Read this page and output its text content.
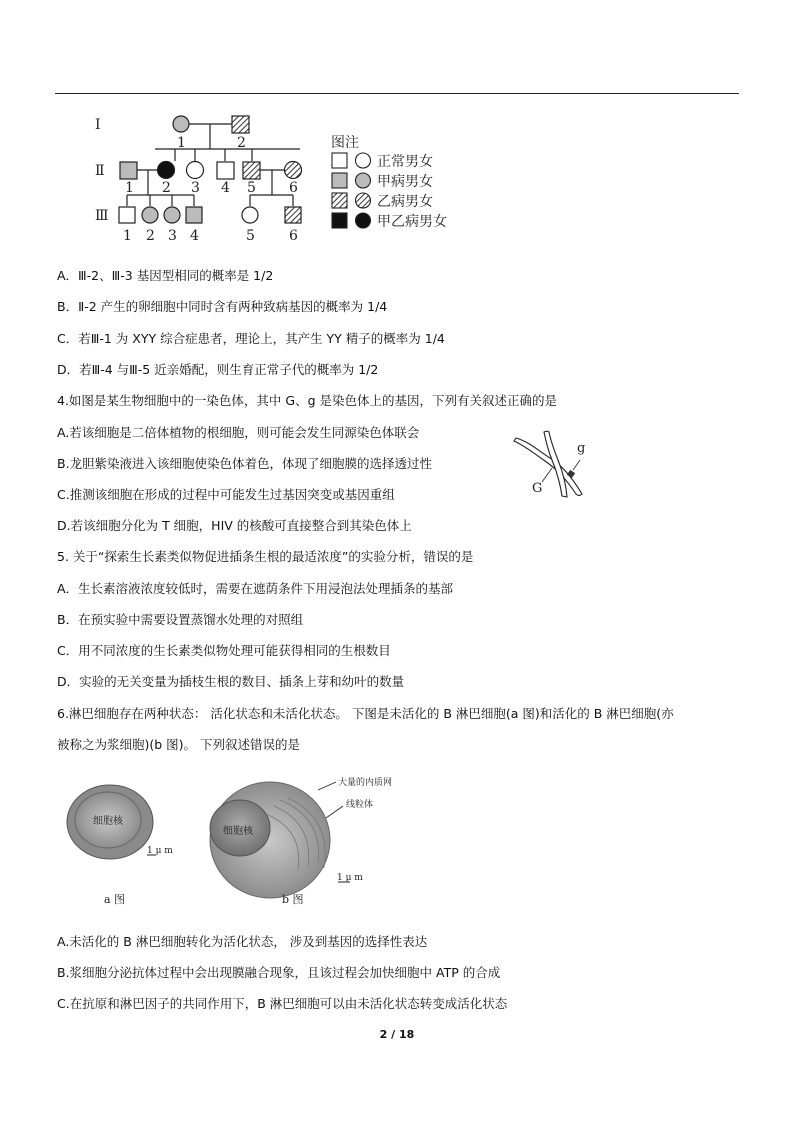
Ⅰ
Ⅱ
Ⅲ
1	2
1 2 3 4 5 6
1 2 3 4	5 6
图注
正常男女
甲病男女
乙病男女
甲乙病男女
A．Ⅲ-2、Ⅲ-3 基因型相同的概率是 1/2
B．Ⅱ-2 产生的卵细胞中同时含有两种致病基因的概率为 1/4
C．若Ⅲ-1 为 XYY 综合症患者，理论上，其产生 YY 精子的概率为 1/4
D．若Ⅲ-4 与Ⅲ-5 近亲婚配，则生育正常子代的概率为 1/2
4.如图是某生物细胞中的一染色体，其中 G、g 是染色体上的基因，下列有关叙述正确的是
A.若该细胞是二倍体植物的根细胞，则可能会发生同源染色体联会
B.龙胆紫染液进入该细胞使染色体着色，体现了细胞膜的选择透过性
C.推测该细胞在形成的过程中可能发生过基因突变或基因重组
D.若该细胞分化为 T 细胞，HIV 的核酸可直接整合到其染色体上
g
G
5. 关于“探索生长素类似物促进插条生根的最适浓度”的实验分析，错误的是
A．生长素溶液浓度较低时，需要在遮荫条件下用浸泡法处理插条的基部
B．在预实验中需要设置蒸馏水处理的对照组
C．用不同浓度的生长素类似物处理可能获得相同的生根数目
D．实验的无关变量为插枝生根的数目、插条上芽和幼叶的数量
6.淋巴细胞存在两种状态： 活化状态和未活化状态。 下图是未活化的 B 淋巴细胞(a 图)和活化的 B 淋巴细胞(亦
被称之为浆细胞)(b 图)。 下列叙述错误的是
细胞核
1 μ m
a 图
细胞核
大量的内质网
线粒体
1 μ m
b 图
A.未活化的 B 淋巴细胞转化为活化状态， 涉及到基因的选择性表达
B.浆细胞分泌抗体过程中会出现膜融合现象，且该过程会加快细胞中 ATP 的合成
C.在抗原和淋巴因子的共同作用下，B 淋巴细胞可以由未活化状态转变成活化状态
2 / 18
